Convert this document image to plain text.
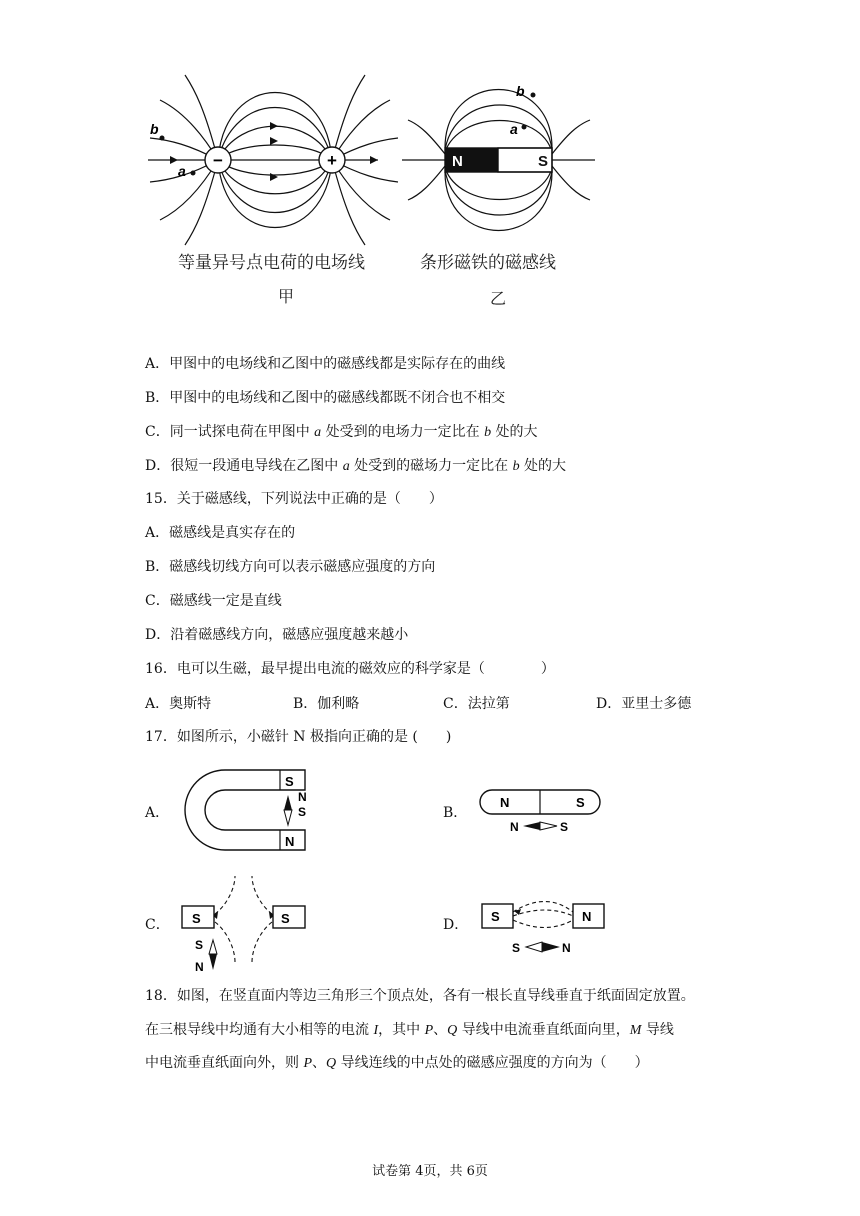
−	+
a
b
N	S
a
b
等量异号点电荷的电场线	条形磁铁的磁感线
甲	乙
A．甲图中的电场线和乙图中的磁感线都是实际存在的曲线
B．甲图中的电场线和乙图中的磁感线都既不闭合也不相交
C．同一试探电荷在甲图中 a 处受到的电场力一定比在 b 处的大
D．很短一段通电导线在乙图中 a 处受到的磁场力一定比在 b 处的大
15．关于磁感线，下列说法中正确的是（　　）
A．磁感线是真实存在的
B．磁感线切线方向可以表示磁感应强度的方向
C．磁感线一定是直线
D．沿着磁感线方向，磁感应强度越来越小
16．电可以生磁，最早提出电流的磁效应的科学家是（　　　　）
A．奥斯特	B．伽利略	C．法拉第	D．亚里士多德
17．如图所示，小磁针 N 极指向正确的是 (　　)
A．
S
N
N
S	B．
N	S
N	S
C． S	S
S
N
D．
S	N
S	N
18．如图，在竖直面内等边三角形三个顶点处，各有一根长直导线垂直于纸面固定放置。
在三根导线中均通有大小相等的电流 I，其中 P、Q 导线中电流垂直纸面向里，M 导线
中电流垂直纸面向外，则 P、Q 导线连线的中点处的磁感应强度的方向为（　　）
试卷第 4页，共 6页
